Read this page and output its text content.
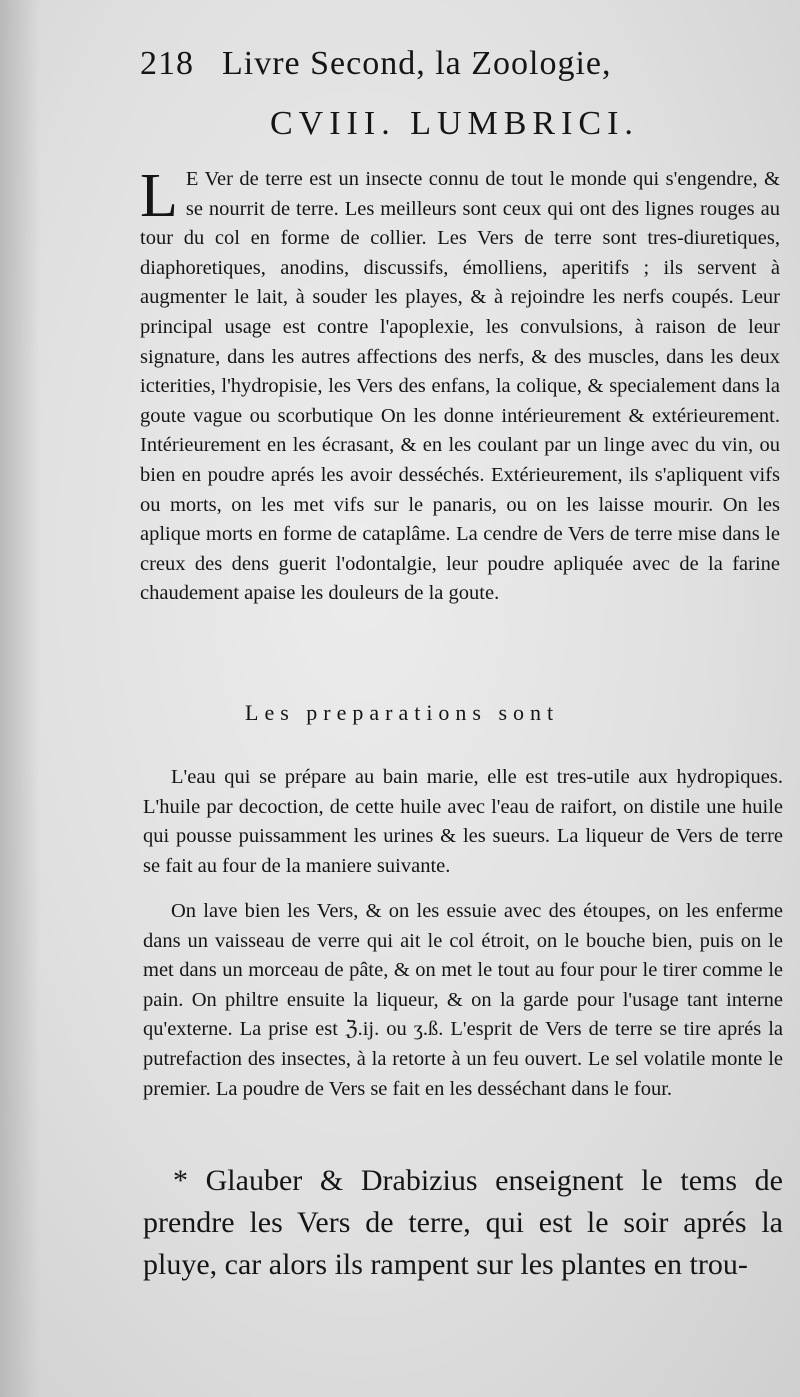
218 Livre Second, la Zoologie,
CVIII. LUMBRICI.
L E Ver de terre est un insecte connu de tout le monde qui s'engendre, & se nourrit de terre. Les meilleurs sont ceux qui ont des lignes rouges au tour du col en forme de collier. Les Vers de terre sont tres-diuretiques, diaphoretiques, anodins, discussifs, émolliens, aperitifs ; ils servent à augmenter le lait, à souder les playes, & à rejoindre les nerfs coupés. Leur principal usage est contre l'apoplexie, les convulsions, à raison de leur signature, dans les autres affections des nerfs, & des muscles, dans les deux icterities, l'hydropisie, les Vers des enfans, la colique, & specialement dans la goute vague ou scorbutique On les donne intérieurement & extérieurement. Intérieurement en les écrasant, & en les coulant par un linge avec du vin, ou bien en poudre aprés les avoir desséchés. Extérieurement, ils s'apliquent vifs ou morts, on les met vifs sur le panaris, ou on les laisse mourir. On les aplique morts en forme de cataplâme. La cendre de Vers de terre mise dans le creux des dens guerit l'odontalgie, leur poudre apliquée avec de la farine chaudement apaise les douleurs de la goute.
Les preparations sont
L'eau qui se prépare au bain marie, elle est tres-utile aux hydropiques. L'huile par decoction, de cette huile avec l'eau de raifort, on distile une huile qui pousse puissamment les urines & les sueurs. La liqueur de Vers de terre se fait au four de la maniere suivante.
On lave bien les Vers, & on les essuie avec des étoupes, on les enferme dans un vaisseau de verre qui ait le col étroit, on le bouche bien, puis on le met dans un morceau de pâte, & on met le tout au four pour le tirer comme le pain. On philtre ensuite la liqueur, & on la garde pour l'usage tant interne qu'externe. La prise est ℨ.ij. ou ʒ.ß. L'esprit de Vers de terre se tire aprés la putrefaction des insectes, à la retorte à un feu ouvert. Le sel volatile monte le premier. La poudre de Vers se fait en les desséchant dans le four.
* Glauber & Drabizius enseignent le tems de prendre les Vers de terre, qui est le soir aprés la pluye, car alors ils rampent sur les plantes en trou-
